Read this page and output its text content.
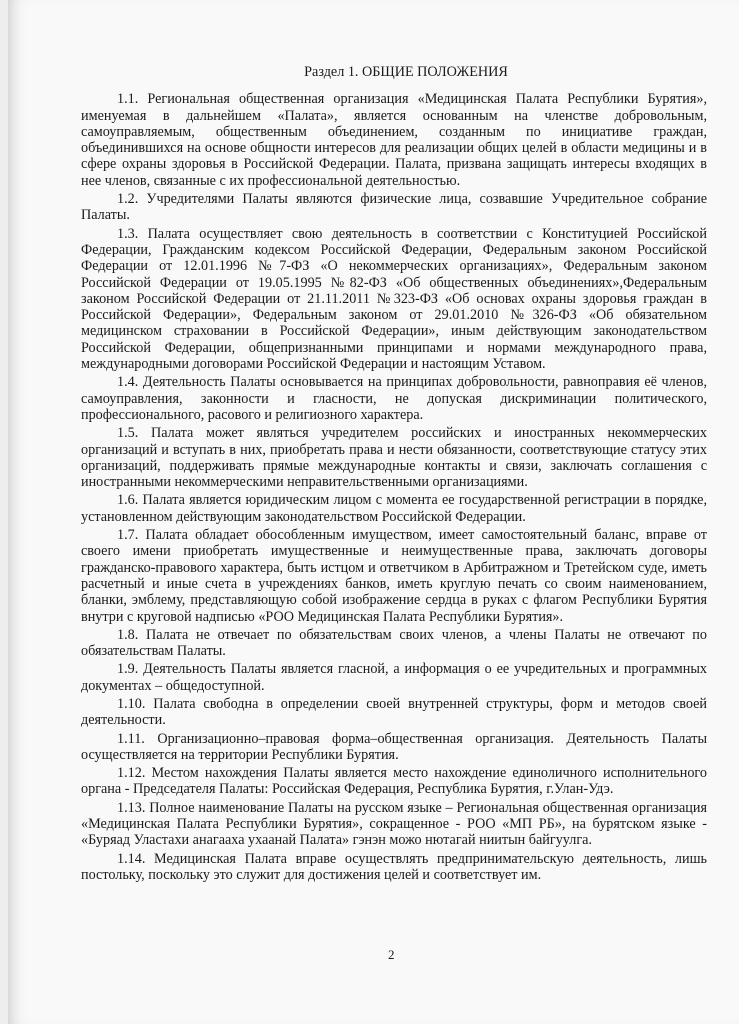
Раздел 1. ОБЩИЕ ПОЛОЖЕНИЯ

1.1. Региональная общественная организация «Медицинская Палата Республики Бурятия», именуемая в дальнейшем «Палата», является основанным на членстве добровольным, самоуправляемым, общественным объединением, созданным по инициативе граждан, объединившихся на основе общности интересов для реализации общих целей в области медицины и в сфере охраны здоровья в Российской Федерации. Палата, призвана защищать интересы входящих в нее членов, связанные с их профессиональной деятельностью.

1.2. Учредителями Палаты являются физические лица, созвавшие Учредительное собрание Палаты.

1.3. Палата осуществляет свою деятельность в соответствии с Конституцией Российской Федерации, Гражданским кодексом Российской Федерации, Федеральным законом Российской Федерации от 12.01.1996 №7-ФЗ «О некоммерческих организациях», Федеральным законом Российской Федерации от 19.05.1995 №82-ФЗ «Об общественных объединениях»,Федеральным законом Российской Федерации от 21.11.2011 №323-ФЗ «Об основах охраны здоровья граждан в Российской Федерации», Федеральным законом от 29.01.2010 №326-ФЗ «Об обязательном медицинском страховании в Российской Федерации», иным действующим законодательством Российской Федерации, общепризнанными принципами и нормами международного права, международными договорами Российской Федерации и настоящим Уставом.

1.4. Деятельность Палаты основывается на принципах добровольности, равноправия её членов, самоуправления, законности и гласности, не допуская дискриминации политического, профессионального, расового и религиозного характера.

1.5. Палата может являться учредителем российских и иностранных некоммерческих организаций и вступать в них, приобретать права и нести обязанности, соответствующие статусу этих организаций, поддерживать прямые международные контакты и связи, заключать соглашения с иностранными некоммерческими неправительственными организациями.

1.6. Палата является юридическим лицом с момента ее государственной регистрации в порядке, установленном действующим законодательством Российской Федерации.

1.7. Палата обладает обособленным имуществом, имеет самостоятельный баланс, вправе от своего имени приобретать имущественные и неимущественные права, заключать договоры гражданско-правового характера, быть истцом и ответчиком в Арбитражном и Третейском суде, иметь расчетный и иные счета в учреждениях банков, иметь круглую печать со своим наименованием, бланки, эмблему, представляющую собой изображение сердца в руках с флагом Республики Бурятия внутри с круговой надписью «РОО Медицинская Палата Республики Бурятия».

1.8. Палата не отвечает по обязательствам своих членов, а члены Палаты не отвечают по обязательствам Палаты.

1.9. Деятельность Палаты является гласной, а информация о ее учредительных и программных документах – общедоступной.

1.10. Палата свободна в определении своей внутренней структуры, форм и методов своей деятельности.

1.11. Организационно–правовая форма–общественная организация. Деятельность Палаты осуществляется на территории Республики Бурятия.

1.12. Местом нахождения Палаты является место нахождение единоличного исполнительного органа - Председателя Палаты: Российская Федерация, Республика Бурятия, г.Улан-Удэ.

1.13. Полное наименование Палаты на русском языке – Региональная общественная организация «Медицинская Палата Республики Бурятия», сокращенное - РОО «МП РБ», на бурятском языке - «Буряад Уластахи анагааха ухаанай Палата» гэнэн можо нютагай ниитын байгуулга.

1.14. Медицинская Палата вправе осуществлять предпринимательскую деятельность, лишь постольку, поскольку это служит для достижения целей и соответствует им.

2
